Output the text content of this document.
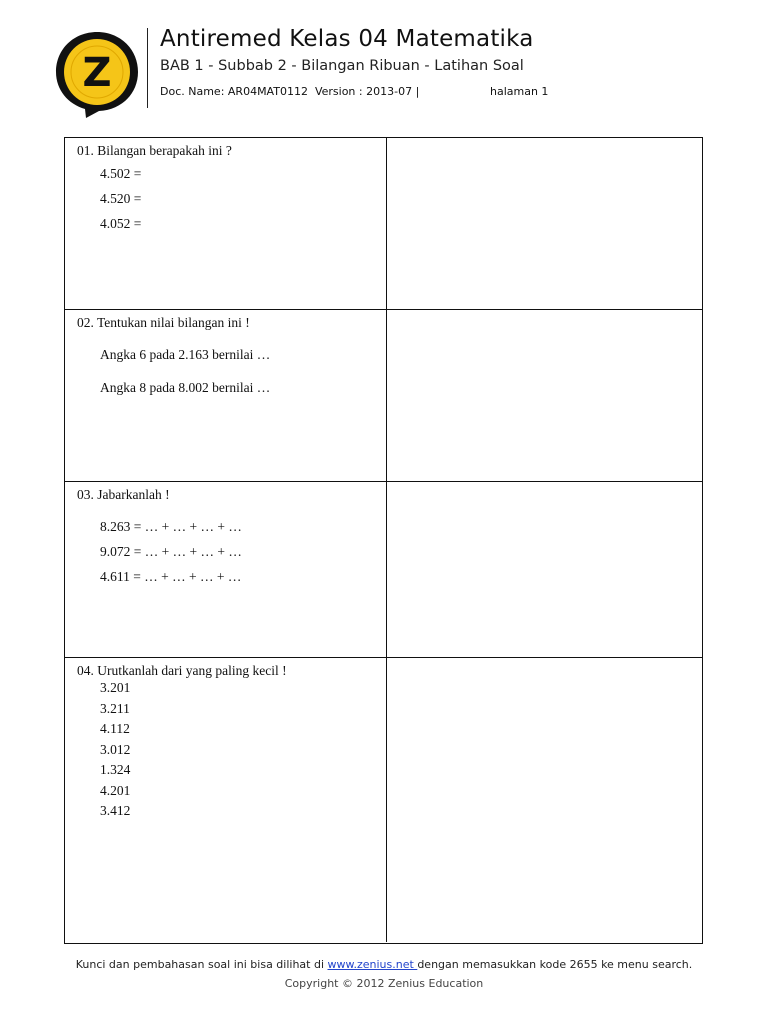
Z
Antiremed Kelas 04 Matematika
BAB 1 - Subbab 2 - Bilangan Ribuan - Latihan Soal
Doc. Name: AR04MAT0112  Version : 2013-07 |	halaman 1
01. Bilangan berapakah ini ?
4.502 =
4.520 =
4.052 =
02. Tentukan nilai bilangan ini !
Angka 6 pada 2.163 bernilai …
Angka 8 pada 8.002 bernilai …
03. Jabarkanlah !
8.263 = … + … + … + …
9.072 = … + … + … + …
4.611 = … + … + … + …
04. Urutkanlah dari yang paling kecil !
3.201
3.211
4.112
3.012
1.324
4.201
3.412
Kunci dan pembahasan soal ini bisa dilihat di www.zenius.net dengan memasukkan kode 2655 ke menu search.
Copyright © 2012 Zenius Education
